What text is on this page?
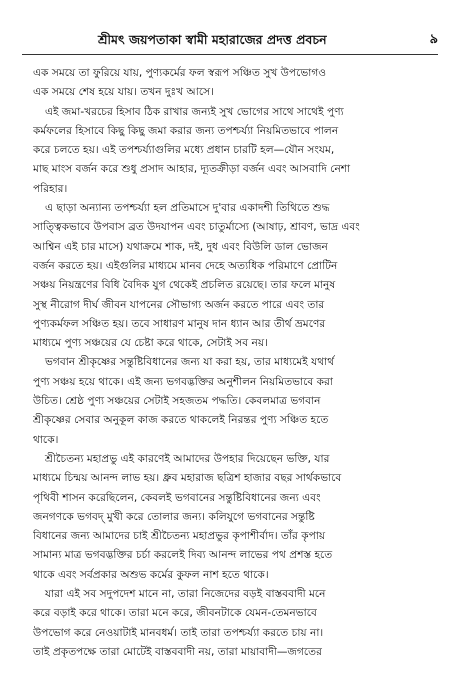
শ্রীমৎ জয়পতাকা স্বামী মহারাজের প্রদত্ত প্রবচন	৯
এক সময়ে তা ফুরিয়ে যায়, পুণ্যকর্মের ফল স্বরূপ সঞ্চিত সুখ উপভোগও
এক সময়ে শেষ হয়ে যায়। তখন দুঃখ আসে।
এই জমা-খরচের হিসাব ঠিক রাখার জন্যই সুখ ভোগের সাথে সাথেই পুণ্য
কর্মফলের হিসাবে কিছু কিছু জমা করার জন্য তপশ্চর্য্যা নিয়মিতভাবে পালন
করে চলতে হয়। এই তপশ্চর্য্যাগুলির মধ্যে প্রধান চারটি হল—যৌন সংযম,
মাছ মাংস বর্জন করে শুধু প্রসাদ আহার, দ্যূতক্রীড়া বর্জন এবং আসবাদি নেশা
পরিহার।
এ ছাড়া অন্যান্য তপশ্চর্য্যা হল প্রতিমাসে দু'বার একাদশী তিথিতে শুদ্ধ
সাত্ত্বিকভাবে উপবাস ব্রত উদযাপন এবং চাতুর্মাস্যে (আষাঢ়, শ্রাবণ, ভাদ্র এবং
আশ্বিন এই চার মাসে) যথাক্রমে শাক, দই, দুধ এবং বিউলি ডাল ভোজন
বর্জন করতে হয়। এইগুলির মাধ্যমে মানব দেহে অত্যধিক পরিমাণে প্রোটিন
সঞ্চয় নিয়ন্ত্রণের বিধি বৈদিক যুগ থেকেই প্রচলিত রয়েছে। তার ফলে মানুষ
সুস্থ নীরোগ দীর্ঘ জীবন যাপনের সৌভাগ্য অর্জন করতে পারে এবং তার
পুণ্যকর্মফল সঞ্চিত হয়। তবে সাধারণ মানুষ দান ধ্যান আর তীর্থ ভ্রমণের
মাধ্যমে পুণ্য সঞ্চয়ের যে চেষ্টা করে থাকে, সেটাই সব নয়।
ভগবান শ্রীকৃষ্ণের সন্তুষ্টিবিধানের জন্য যা করা হয়, তার মাধ্যমেই যথার্থ
পুণ্য সঞ্চয় হয়ে থাকে। এই জন্য ভগবদ্ভক্তির অনুশীলন নিয়মিতভাবে করা
উচিত। শ্রেষ্ঠ পুণ্য সঞ্চয়ের সেটাই সহজতম পদ্ধতি। কেবলমাত্র ভগবান
শ্রীকৃষ্ণের সেবার অনুকূল কাজ করতে থাকলেই নিরন্তর পুণ্য সঞ্চিত হতে
থাকে।
শ্রীচৈতন্য মহাপ্রভু এই কারণেই আমাদের উপহার দিয়েছেন ভক্তি, যার
মাধ্যমে চিন্ময় আনন্দ লাভ হয়। ধ্রুব মহারাজ ছত্রিশ হাজার বছর সার্থকভাবে
পৃথিবী শাসন করেছিলেন, কেবলই ভগবানের সন্তুষ্টিবিধানের জন্য এবং
জনগণকে ভগবদ্ মুখী করে তোলার জন্য। কলিযুগে ভগবানের সন্তুষ্টি
বিধানের জন্য আমাদের চাই শ্রীচৈতন্য মহাপ্রভুর কৃপাশীর্বাদ। তাঁর কৃপায়
সামান্য মাত্র ভগবদ্ভক্তির চর্চা করলেই দিব্য আনন্দ লাভের পথ প্রশস্ত হতে
থাকে এবং সর্বপ্রকার অশুভ কর্মের কুফল নাশ হতে থাকে।
যারা এই সব সদুপদেশ মানে না, তারা নিজেদের বড়ই বাস্তববাদী মনে
করে বড়াই করে থাকে। তারা মনে করে, জীবনটাকে যেমন-তেমনভাবে
উপভোগ করে নেওয়াটাই মানবধর্ম। তাই তারা তপশ্চর্য্যা করতে চায় না।
তাই প্রকৃতপক্ষে তারা মোটেই বাস্তববাদী নয়, তারা মায়াবাদী—জগতের
